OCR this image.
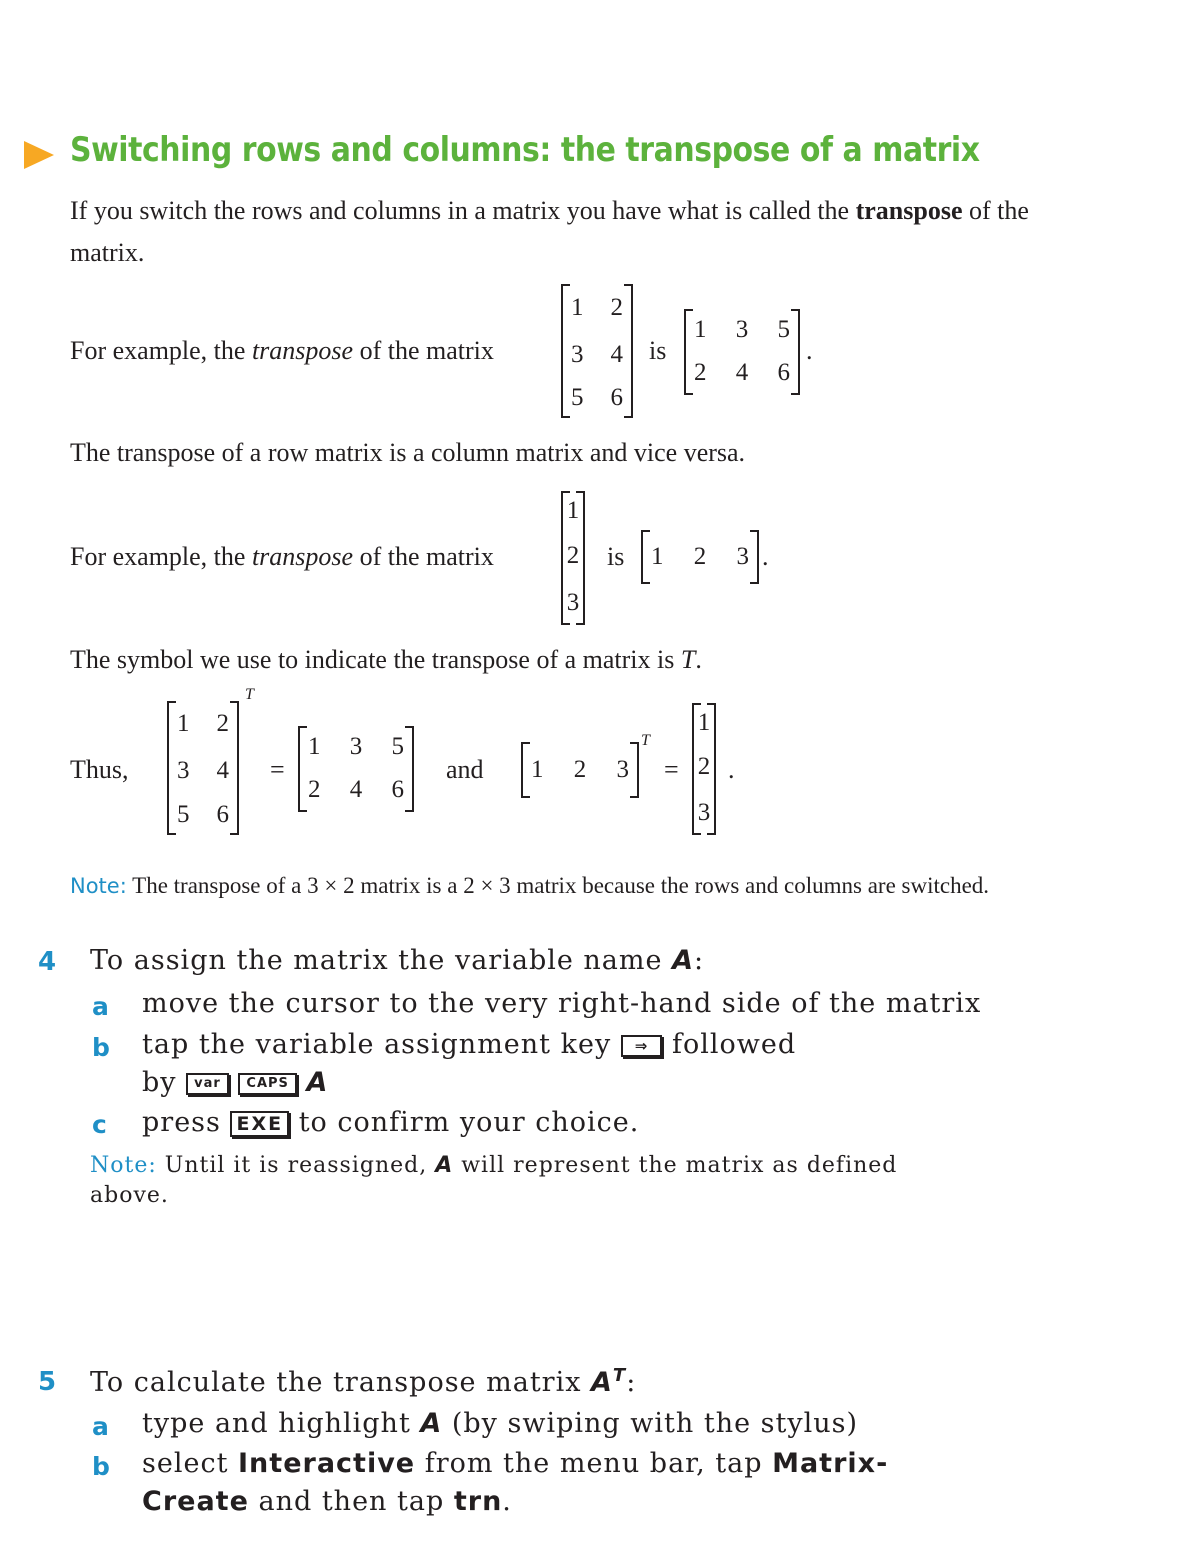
Switching rows and columns: the transpose of a matrix
If you switch the rows and columns in a matrix you have what is called the transpose of the
matrix.
For example, the transpose of the matrix
1 2
3 4
5 6
is
1 3 5
2 4 6
.
The transpose of a row matrix is a column matrix and vice versa.
For example, the transpose of the matrix
1
2
3
is 1 2 3 .
The symbol we use to indicate the transpose of a matrix is T.
Thus,
1 2
3 4
5 6
T
=
1 3 5
2 4 6
and 1 2 3
T
=
1
2
3
.
Note: The transpose of a 3 × 2 matrix is a 2 × 3 matrix because the rows and columns are switched.
4 To assign the matrix the variable name A:
a move the cursor to the very right-hand side of the matrix
b tap the variable assignment key ⇒ followed
by var CAPS A
c press EXE to confirm your choice.
Note: Until it is reassigned, A will represent the matrix as defined
above.
5 To calculate the transpose matrix $A^T$:
a type and highlight A (by swiping with the stylus)
b select Interactive from the menu bar, tap Matrix-
Create and then tap trn.
